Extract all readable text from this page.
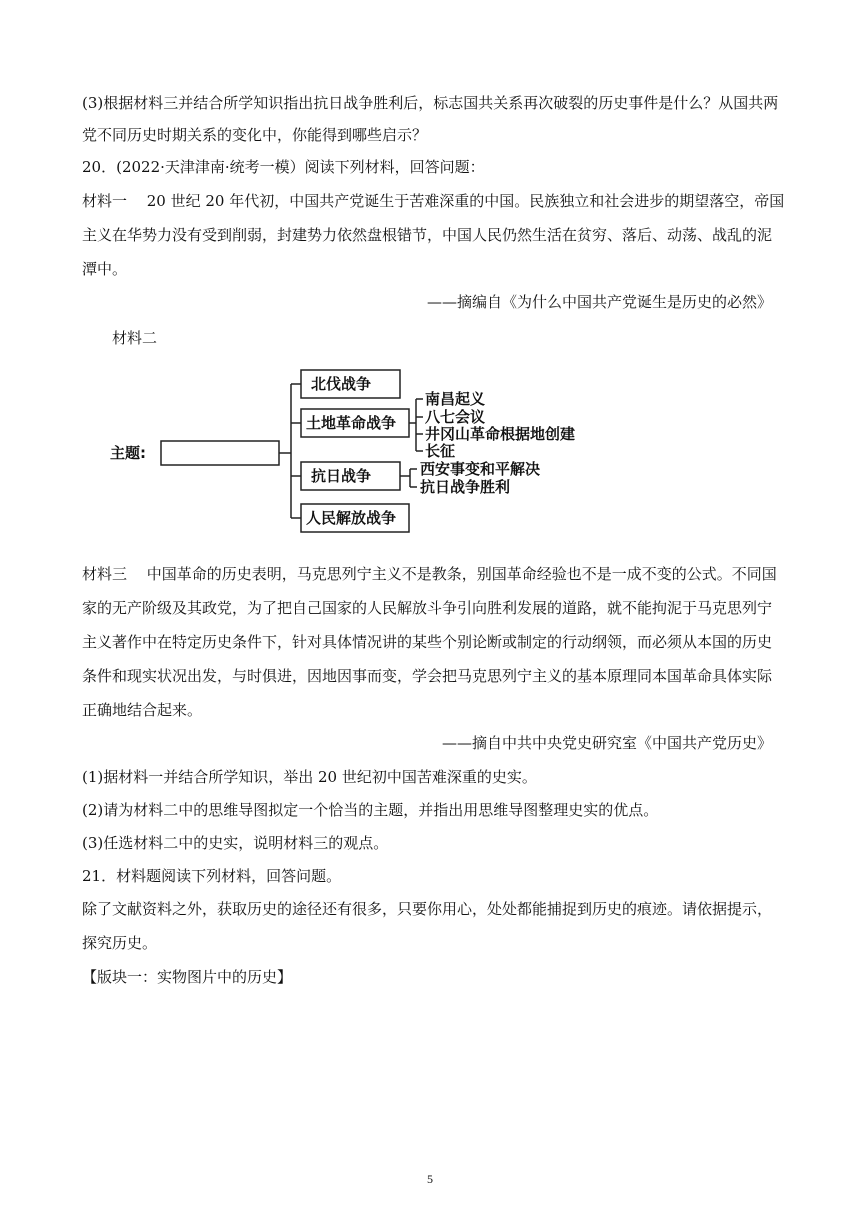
(3)根据材料三并结合所学知识指出抗日战争胜利后，标志国共关系再次破裂的历史事件是什么？从国共两
党不同历史时期关系的变化中，你能得到哪些启示？
20．(2022·天津津南·统考一模）阅读下列材料，回答问题：
材料一　 20 世纪 20 年代初，中国共产党诞生于苦难深重的中国。民族独立和社会进步的期望落空，帝国
主义在华势力没有受到削弱，封建势力依然盘根错节，中国人民仍然生活在贫穷、落后、动荡、战乱的泥
潭中。
——摘编自《为什么中国共产党诞生是历史的必然》
材料二
主题:
北伐战争
土地革命战争
抗日战争
人民解放战争
南昌起义
八七会议
井冈山革命根据地创建
长征
西安事变和平解决
抗日战争胜利
材料三　 中国革命的历史表明，马克思列宁主义不是教条，别国革命经验也不是一成不变的公式。不同国
家的无产阶级及其政党，为了把自己国家的人民解放斗争引向胜利发展的道路，就不能拘泥于马克思列宁
主义著作中在特定历史条件下，针对具体情况讲的某些个别论断或制定的行动纲领，而必须从本国的历史
条件和现实状况出发，与时俱进，因地因事而变，学会把马克思列宁主义的基本原理同本国革命具体实际
正确地结合起来。
——摘自中共中央党史研究室《中国共产党历史》
(1)据材料一并结合所学知识，举出 20 世纪初中国苦难深重的史实。
(2)请为材料二中的思维导图拟定一个恰当的主题，并指出用思维导图整理史实的优点。
(3)任选材料二中的史实，说明材料三的观点。
21．材料题阅读下列材料，回答问题。
除了文献资料之外，获取历史的途径还有很多，只要你用心，处处都能捕捉到历史的痕迹。请依据提示，
探究历史。
【版块一：实物图片中的历史】
5
